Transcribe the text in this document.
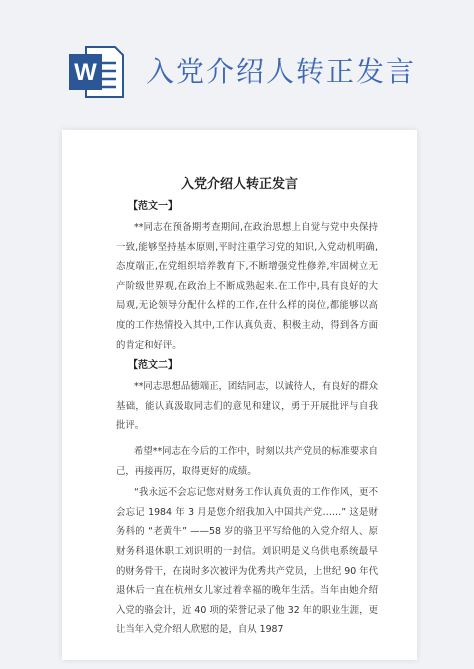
W 入党介绍人转正发言
入党介绍人转正发言
【范文一】

**同志在预备期考查期间,在政治思想上自觉与党中央保持一致,能够坚持基本原则,平时注重学习党的知识,入党动机明确,态度端正,在党组织培养教育下,不断增强党性修养,牢固树立无产阶级世界观,在政治上不断成熟起来.在工作中,具有良好的大局观,无论领导分配什么样的工作,在什么样的岗位,都能够以高度的工作热情投入其中,工作认真负责、积极主动，得到各方面的肯定和好评。

【范文二】

**同志思想品德端正，团结同志，以诚待人，有良好的群众基础，能认真汲取同志们的意见和建议，勇于开展批评与自我批评。

希望**同志在今后的工作中，时刻以共产党员的标准要求自己，再接再厉，取得更好的成绩。

“我永远不会忘记您对财务工作认真负责的工作作风，更不会忘记 1984 年 3 月是您介绍我加入中国共产党……” 这是财务科的 “老黄牛” ——58 岁的骆卫平写给他的入党介绍人、原财务科退休职工刘识明的一封信。刘识明是义乌供电系统最早的财务骨干，在岗时多次被评为优秀共产党员，上世纪 90 年代退休后一直在杭州女儿家过着幸福的晚年生活。当年由她介绍入党的骆会计，近 40 项的荣誉记录了他 32 年的职业生涯，更让当年入党介绍人欣慰的是，自从 1987
